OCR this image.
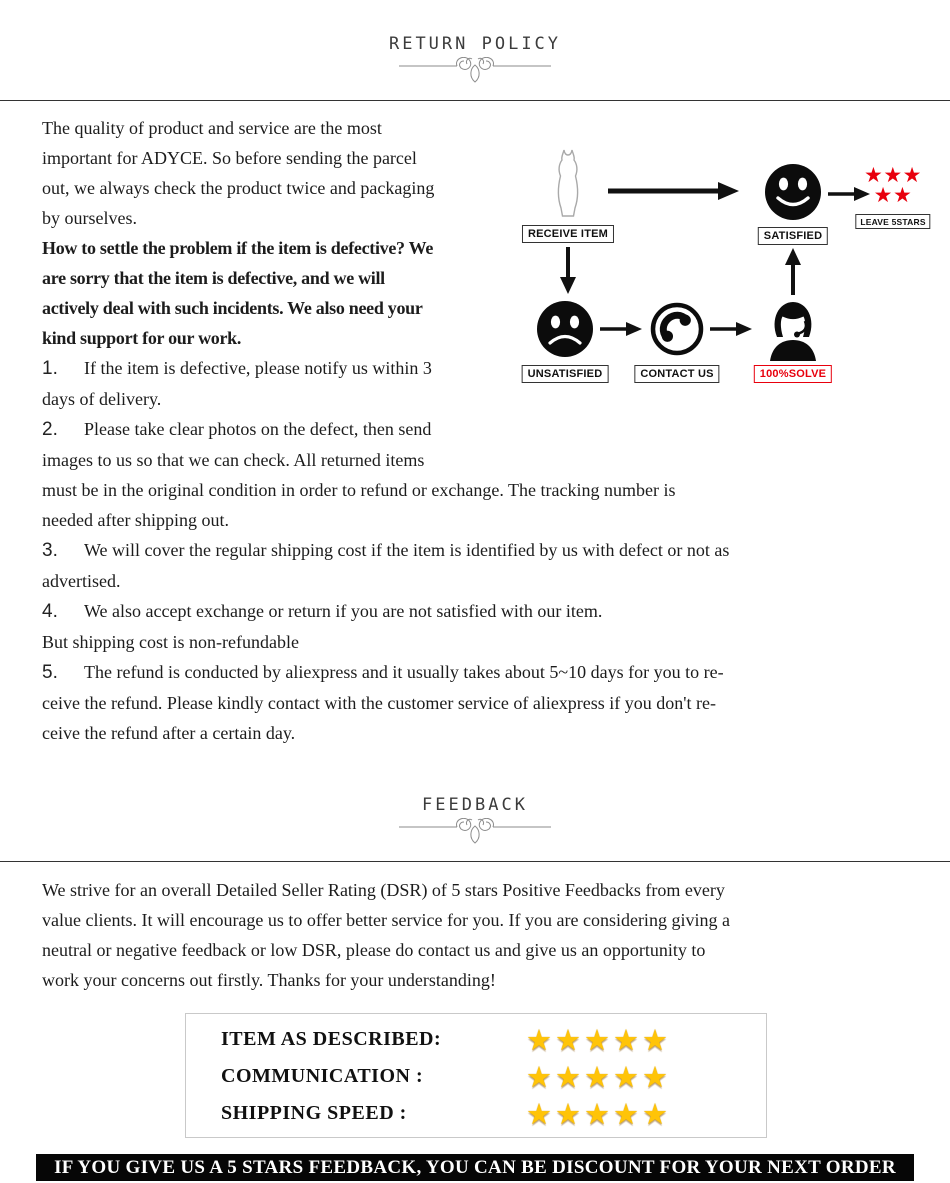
RETURN POLICY
RECEIVE ITEM	SATISFIED
★★★
★★
LEAVE 5STARS
UNSATISFIED	CONTACT US	100%SOLVE
The quality of product and service are the most
important for ADYCE. So before sending the parcel
out, we always check the product twice and packaging
by ourselves.
How to settle the problem if the item is defective? We
are sorry that the item is defective, and we will
actively deal with such incidents. We also need your
kind support for our work.
1. If the item is defective, please notify us within 3
days of delivery.
2. Please take clear photos on the defect, then send
images to us so that we can check. All returned items
must be in the original condition in order to refund or exchange. The tracking number is
needed after shipping out.
3. We will cover the regular shipping cost if the item is identified by us with defect or not as
advertised.
4. We also accept exchange or return if you are not satisfied with our item.
But shipping cost is non-refundable
5. The refund is conducted by aliexpress and it usually takes about 5~10 days for you to re-
ceive the refund. Please kindly contact with the customer service of aliexpress if you don't re-
ceive the refund after a certain day.
FEEDBACK
We strive for an overall Detailed Seller Rating (DSR) of 5 stars Positive Feedbacks from every
value clients. It will encourage us to offer better service for you. If you are considering giving a
neutral or negative feedback or low DSR, please do contact us and give us an opportunity to
work your concerns out firstly. Thanks for your understanding!
ITEM AS DESCRIBED:	★★★★★
COMMUNICATION :	★★★★★
SHIPPING SPEED :	★★★★★
IF YOU GIVE US A 5 STARS FEEDBACK, YOU CAN BE DISCOUNT FOR YOUR NEXT ORDER
